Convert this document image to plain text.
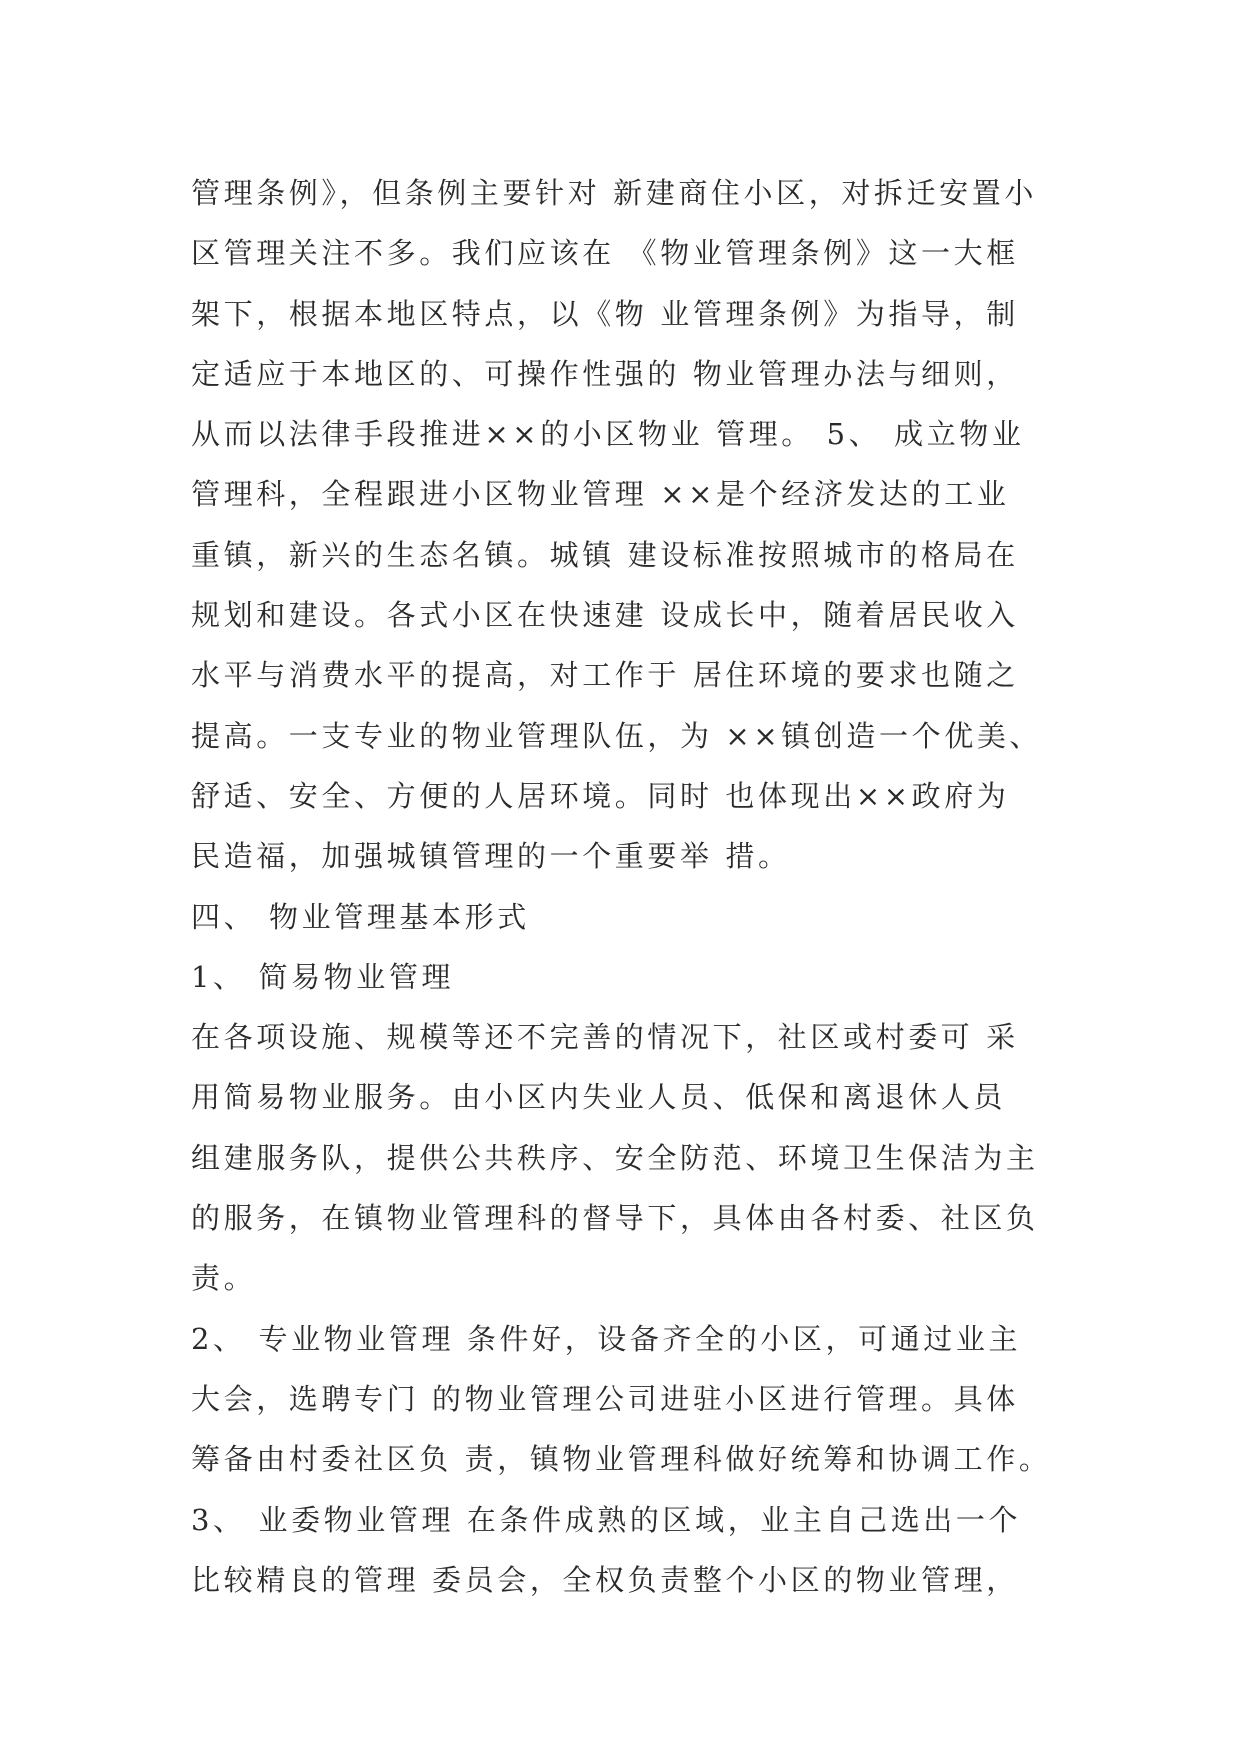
管理条例》，但条例主要针对 新建商住小区，对拆迁安置小

区管理关注不多。我们应该在 《物业管理条例》这一大框

架下，根据本地区特点，以《物 业管理条例》为指导，制

定适应于本地区的、可操作性强的 物业管理办法与细则，

从而以法律手段推进××的小区物业 管理。 5、 成立物业

管理科，全程跟进小区物业管理 ××是个经济发达的工业

重镇，新兴的生态名镇。城镇 建设标准按照城市的格局在

规划和建设。各式小区在快速建 设成长中，随着居民收入

水平与消费水平的提高，对工作于 居住环境的要求也随之

提高。一支专业的物业管理队伍，为 ××镇创造一个优美、

舒适、安全、方便的人居环境。同时 也体现出××政府为

民造福，加强城镇管理的一个重要举 措。

四、 物业管理基本形式

1、 简易物业管理

在各项设施、规模等还不完善的情况下，社区或村委可 采

用简易物业服务。由小区内失业人员、低保和离退休人员

组建服务队，提供公共秩序、安全防范、环境卫生保洁为主

的服务，在镇物业管理科的督导下，具体由各村委、社区负

责。

2、 专业物业管理 条件好，设备齐全的小区，可通过业主

大会，选聘专门 的物业管理公司进驻小区进行管理。具体

筹备由村委社区负 责，镇物业管理科做好统筹和协调工作。

3、 业委物业管理 在条件成熟的区域，业主自己选出一个

比较精良的管理 委员会，全权负责整个小区的物业管理，
